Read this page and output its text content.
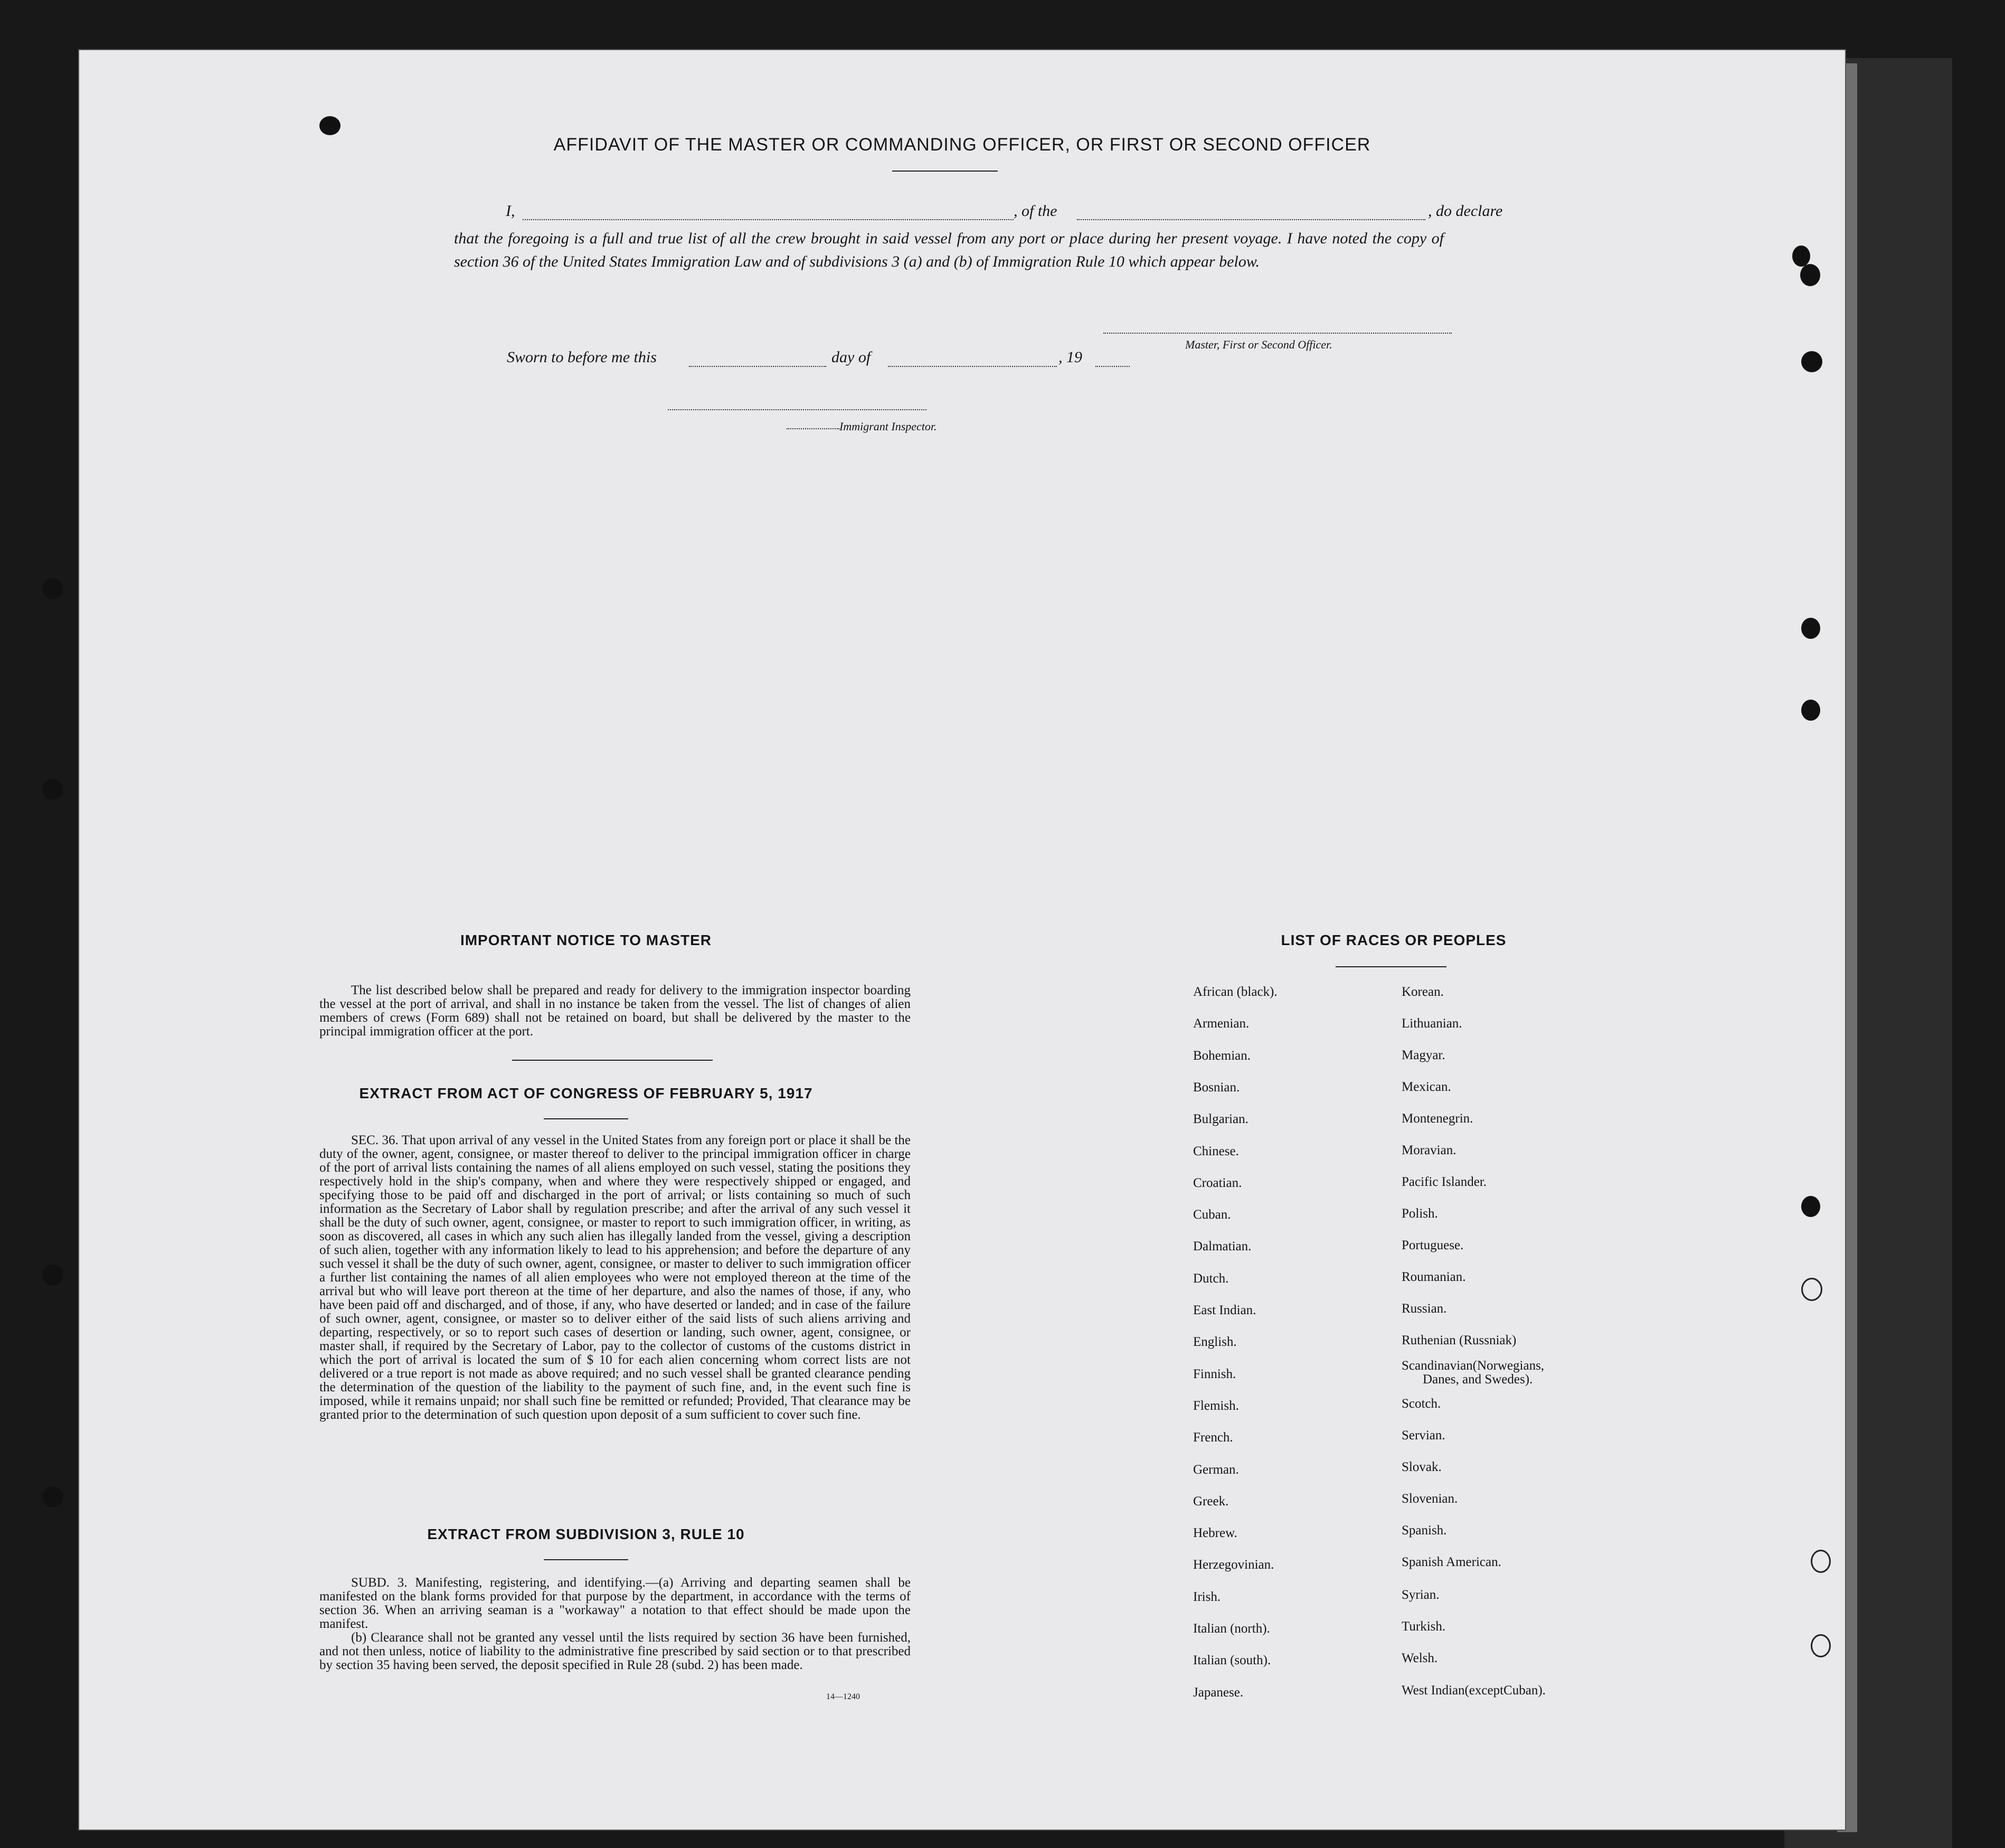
AFFIDAVIT OF THE MASTER OR COMMANDING OFFICER, OR FIRST OR SECOND OFFICER
I,	, of the	, do declare

that the foregoing is a full and true list of all the crew brought in said vessel from any port or place during her present voyage. I have noted the copy of section 36 of the United States Immigration Law and of subdivisions 3 (a) and (b) of Immigration Rule 10 which appear below.

Master, First or Second Officer.
Sworn to before me this	day of	, 19
Immigrant Inspector.
IMPORTANT NOTICE TO MASTER
The list described below shall be prepared and ready for delivery to the immigration inspector boarding the vessel at the port of arrival, and shall in no instance be taken from the vessel. The list of changes of alien members of crews (Form 689) shall not be retained on board, but shall be delivered by the master to the principal immigration officer at the port.
EXTRACT FROM ACT OF CONGRESS OF FEBRUARY 5, 1917
SEC. 36. That upon arrival of any vessel in the United States from any foreign port or place it shall be the duty of the owner, agent, consignee, or master thereof to deliver to the principal immigration officer in charge of the port of arrival lists containing the names of all aliens employed on such vessel, stating the positions they respectively hold in the ship's company, when and where they were respectively shipped or engaged, and specifying those to be paid off and discharged in the port of arrival; or lists containing so much of such information as the Secretary of Labor shall by regulation prescribe; and after the arrival of any such vessel it shall be the duty of such owner, agent, consignee, or master to report to such immigration officer, in writing, as soon as discovered, all cases in which any such alien has illegally landed from the vessel, giving a description of such alien, together with any information likely to lead to his apprehension; and before the departure of any such vessel it shall be the duty of such owner, agent, consignee, or master to deliver to such immigration officer a further list containing the names of all alien employees who were not employed thereon at the time of the arrival but who will leave port thereon at the time of her departure, and also the names of those, if any, who have been paid off and discharged, and of those, if any, who have deserted or landed; and in case of the failure of such owner, agent, consignee, or master so to deliver either of the said lists of such aliens arriving and departing, respectively, or so to report such cases of desertion or landing, such owner, agent, consignee, or master shall, if required by the Secretary of Labor, pay to the collector of customs of the customs district in which the port of arrival is located the sum of $ 10 for each alien concerning whom correct lists are not delivered or a true report is not made as above required; and no such vessel shall be granted clearance pending the determination of the question of the liability to the payment of such fine, and, in the event such fine is imposed, while it remains unpaid; nor shall such fine be remitted or refunded; Provided, That clearance may be granted prior to the determination of such question upon deposit of a sum sufficient to cover such fine.
EXTRACT FROM SUBDIVISION 3, RULE 10
SUBD. 3. Manifesting, registering, and identifying.—(a) Arriving and departing seamen shall be manifested on the blank forms provided for that purpose by the department, in accordance with the terms of section 36. When an arriving seaman is a "workaway" a notation to that effect should be made upon the manifest.
(b) Clearance shall not be granted any vessel until the lists required by section 36 have been furnished, and not then unless, notice of liability to the administrative fine prescribed by said section or to that prescribed by section 35 having been served, the deposit specified in Rule 28 (subd. 2) has been made.
14—1240
LIST OF RACES OR PEOPLES
African (black).
Armenian.
Bohemian.
Bosnian.
Bulgarian.
Chinese.
Croatian.
Cuban.
Dalmatian.
Dutch.
East Indian.
English.
Finnish.
Flemish.
French.
German.
Greek.
Hebrew.
Herzegovinian.
Irish.
Italian (north).
Italian (south).
Japanese.
Korean.
Lithuanian.
Magyar.
Mexican.
Montenegrin.
Moravian.
Pacific Islander.
Polish.
Portuguese.
Roumanian.
Russian.
Ruthenian (Russniak)
Scandinavian(Norwegians,
Danes, and Swedes).
Scotch.
Servian.
Slovak.
Slovenian.
Spanish.
Spanish American.
Syrian.
Turkish.
Welsh.
West Indian(exceptCuban).
